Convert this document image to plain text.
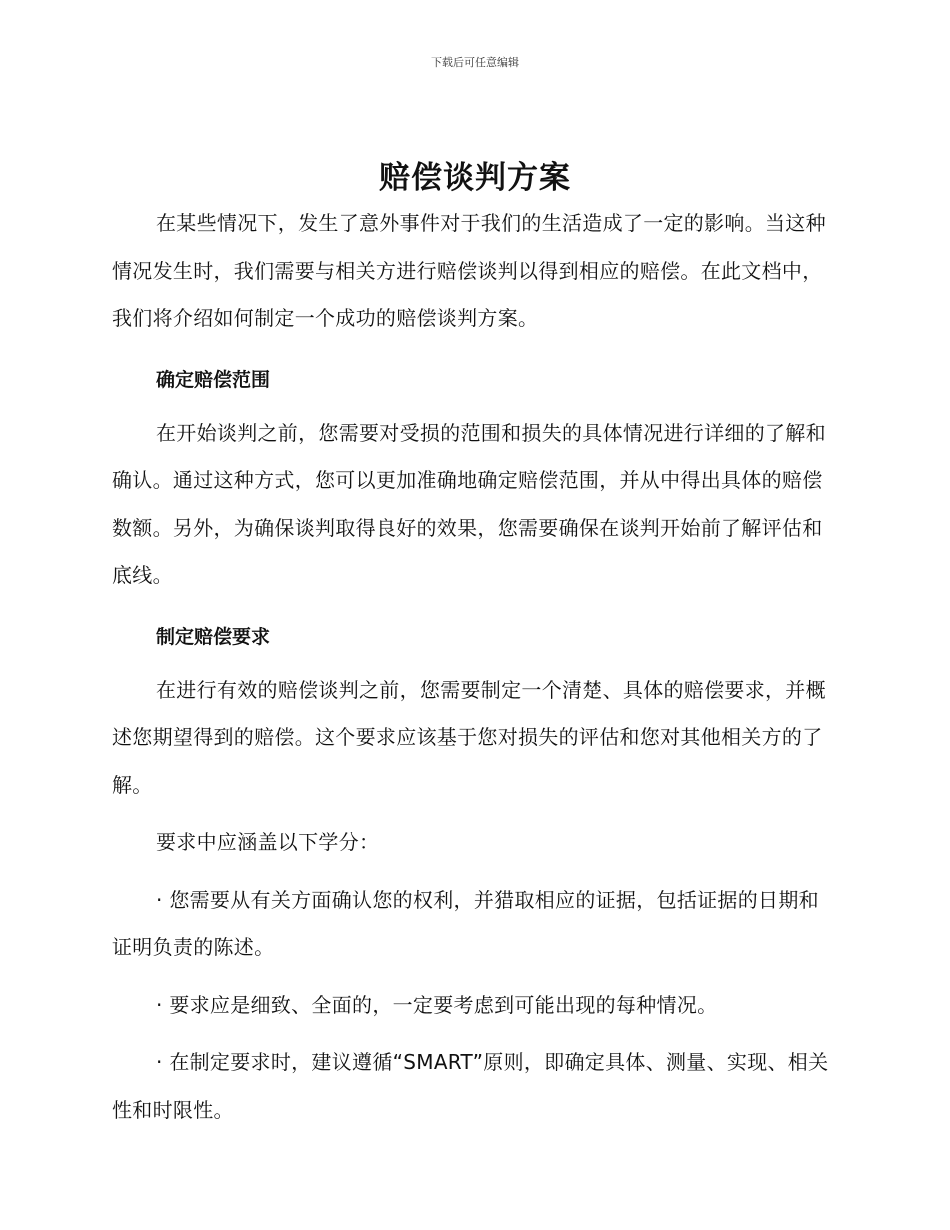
下载后可任意编辑
赔偿谈判方案

在某些情况下，发生了意外事件对于我们的生活造成了一定的影响。当这种情况发生时，我们需要与相关方进行赔偿谈判以得到相应的赔偿。在此文档中，我们将介绍如何制定一个成功的赔偿谈判方案。

确定赔偿范围

在开始谈判之前，您需要对受损的范围和损失的具体情况进行详细的了解和确认。通过这种方式，您可以更加准确地确定赔偿范围，并从中得出具体的赔偿数额。另外，为确保谈判取得良好的效果，您需要确保在谈判开始前了解评估和底线。

制定赔偿要求

在进行有效的赔偿谈判之前，您需要制定一个清楚、具体的赔偿要求，并概述您期望得到的赔偿。这个要求应该基于您对损失的评估和您对其他相关方的了解。

要求中应涵盖以下学分：

· 您需要从有关方面确认您的权利，并猎取相应的证据，包括证据的日期和证明负责的陈述。

· 要求应是细致、全面的，一定要考虑到可能出现的每种情况。

· 在制定要求时，建议遵循“SMART”原则，即确定具体、测量、实现、相关性和时限性。
